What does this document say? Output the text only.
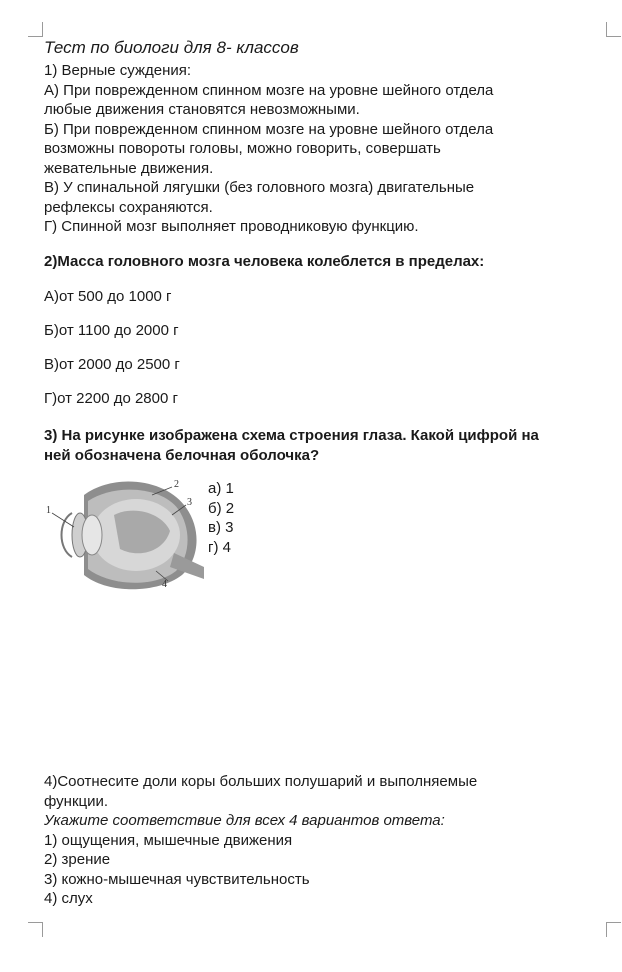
Тест по биологи для 8- классов

1) Верные суждения:

А) При поврежденном спинном мозге на уровне шейного отдела

любые движения становятся невозможными.

Б) При поврежденном спинном мозге на уровне шейного отдела

возможны повороты головы, можно говорить, совершать

жевательные движения.

В) У спинальной лягушки (без головного мозга) двигательные

рефлексы сохраняются.

Г) Спинной мозг выполняет проводниковую функцию.

2)Масса головного мозга человека колеблется в пределах:

А)от 500 до 1000 г

Б)от 1100 до 2000 г

В)от 2000 до 2500 г

Г)от 2200 до 2800 г

3) На рисунке изображена схема строения глаза. Какой цифрой на

ней обозначена белочная оболочка?

1
2
3
4

а) 1

б) 2

в) 3

г) 4

4)Соотнесите доли коры больших полушарий и выполняемые

функции.

Укажите соответствие для всех 4 вариантов ответа:

1) ощущения, мышечные движения

2) зрение

3) кожно-мышечная чувствительность

4) слух
